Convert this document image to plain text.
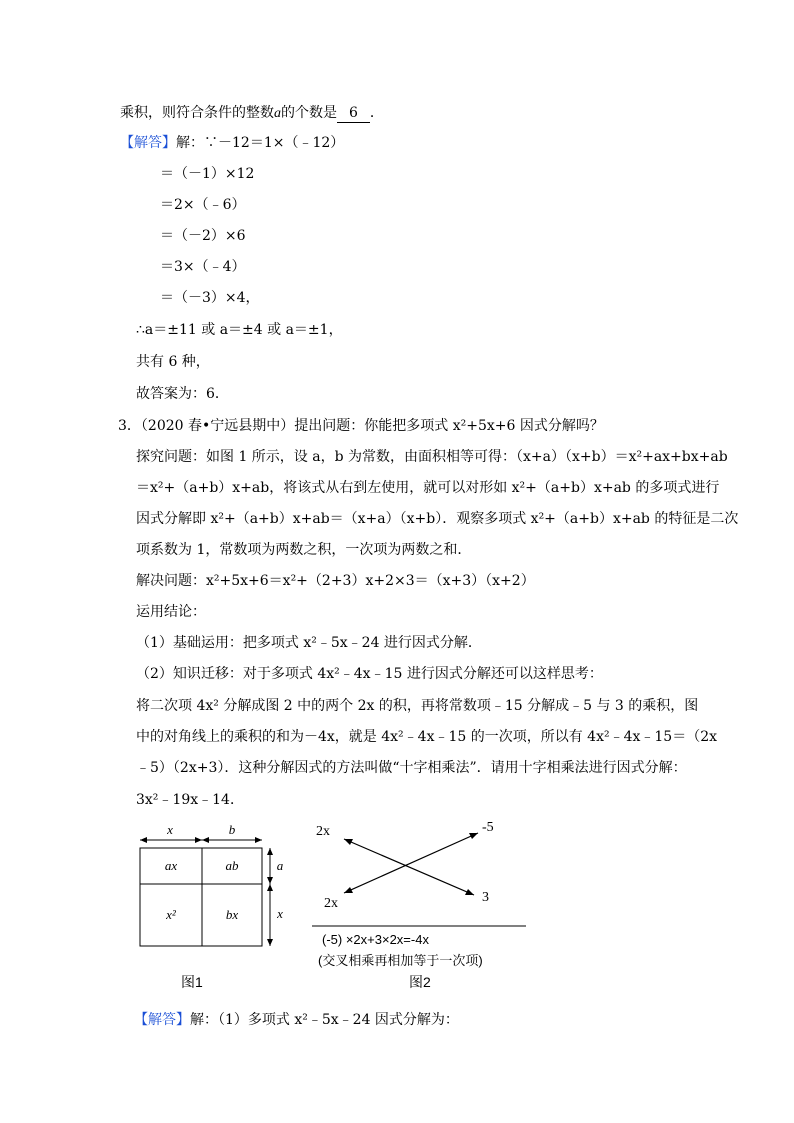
乘积，则符合条件的整数a的个数是 6 ．
【解答】解：∵－12＝1×（﹣12）
＝（－1）×12
＝2×（﹣6）
＝（－2）×6
＝3×（﹣4）
＝（－3）×4，
∴a＝±11 或 a＝±4 或 a＝±1，
共有 6 种，
故答案为：6．
3．（2020 春•宁远县期中）提出问题：你能把多项式 x²+5x+6 因式分解吗？
探究问题：如图 1 所示，设 a，b 为常数，由面积相等可得：（x+a）（x+b）＝x²+ax+bx+ab
＝x²+（a+b）x+ab，将该式从右到左使用，就可以对形如 x²+（a+b）x+ab 的多项式进行
因式分解即 x²+（a+b）x+ab＝（x+a）（x+b）．观察多项式 x²+（a+b）x+ab 的特征是二次
项系数为 1，常数项为两数之积，一次项为两数之和．
解决问题：x²+5x+6＝x²+（2+3）x+2×3＝（x+3）（x+2）
运用结论：
（1）基础运用：把多项式 x²﹣5x﹣24 进行因式分解．
（2）知识迁移：对于多项式 4x²﹣4x﹣15 进行因式分解还可以这样思考：
将二次项 4x² 分解成图 2 中的两个 2x 的积，再将常数项﹣15 分解成﹣5 与 3 的乘积，图
中的对角线上的乘积的和为－4x，就是 4x²﹣4x﹣15 的一次项，所以有 4x²﹣4x﹣15＝（2x
﹣5）（2x+3）．这种分解因式的方法叫做“十字相乘法”．请用十字相乘法进行因式分解：
3x²﹣19x﹣14．
x	b
ax	ab
x²	bx
a
x
图1
2x	-5
2x	3
(-5) ×2x+3×2x=-4x
(交叉相乘再相加等于一次项)
图2
【解答】解：（1）多项式 x²﹣5x﹣24 因式分解为：
